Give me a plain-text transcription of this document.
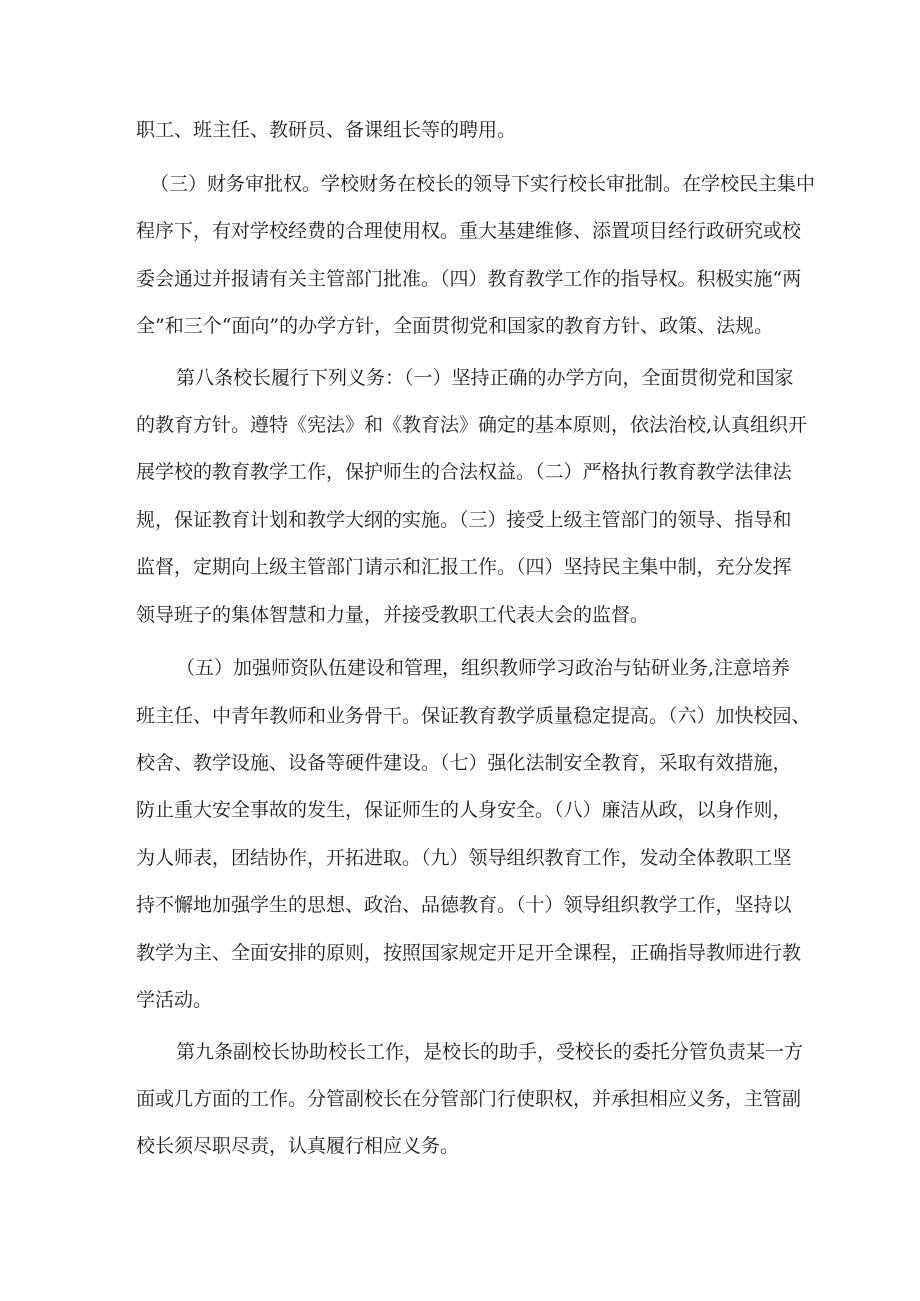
职工、班主任、教研员、备课组长等的聘用。

（三）财务审批权。学校财务在校长的领导下实行校长审批制。在学校民主集中

程序下，有对学校经费的合理使用权。重大基建维修、添置项目经行政研究或校

委会通过并报请有关主管部门批准。（四）教育教学工作的指导权。积极实施“两

全”和三个“面向”的办学方针，全面贯彻党和国家的教育方针、政策、法规。

第八条校长履行下列义务：（一）坚持正确的办学方向，全面贯彻党和国家

的教育方针。遵特《宪法》和《教育法》确定的基本原则，依法治校,认真组织开

展学校的教育教学工作，保护师生的合法权益。（二）严格执行教育教学法律法

规，保证教育计划和教学大纲的实施。（三）接受上级主管部门的领导、指导和

监督，定期向上级主管部门请示和汇报工作。（四）坚持民主集中制，充分发挥

领导班子的集体智慧和力量，并接受教职工代表大会的监督。

（五）加强师资队伍建设和管理，组织教师学习政治与钻研业务,注意培养

班主任、中青年教师和业务骨干。保证教育教学质量稳定提高。（六）加快校园、

校舍、教学设施、设备等硬件建设。（七）强化法制安全教育，采取有效措施，

防止重大安全事故的发生，保证师生的人身安全。（八）廉洁从政，以身作则，

为人师表，团结协作，开拓进取。（九）领导组织教育工作，发动全体教职工坚

持不懈地加强学生的思想、政治、品德教育。（十）领导组织教学工作，坚持以

教学为主、全面安排的原则，按照国家规定开足开全课程，正确指导教师进行教

学活动。

第九条副校长协助校长工作，是校长的助手，受校长的委托分管负责某一方

面或几方面的工作。分管副校长在分管部门行使职权，并承担相应义务，主管副

校长须尽职尽责，认真履行相应义务。
